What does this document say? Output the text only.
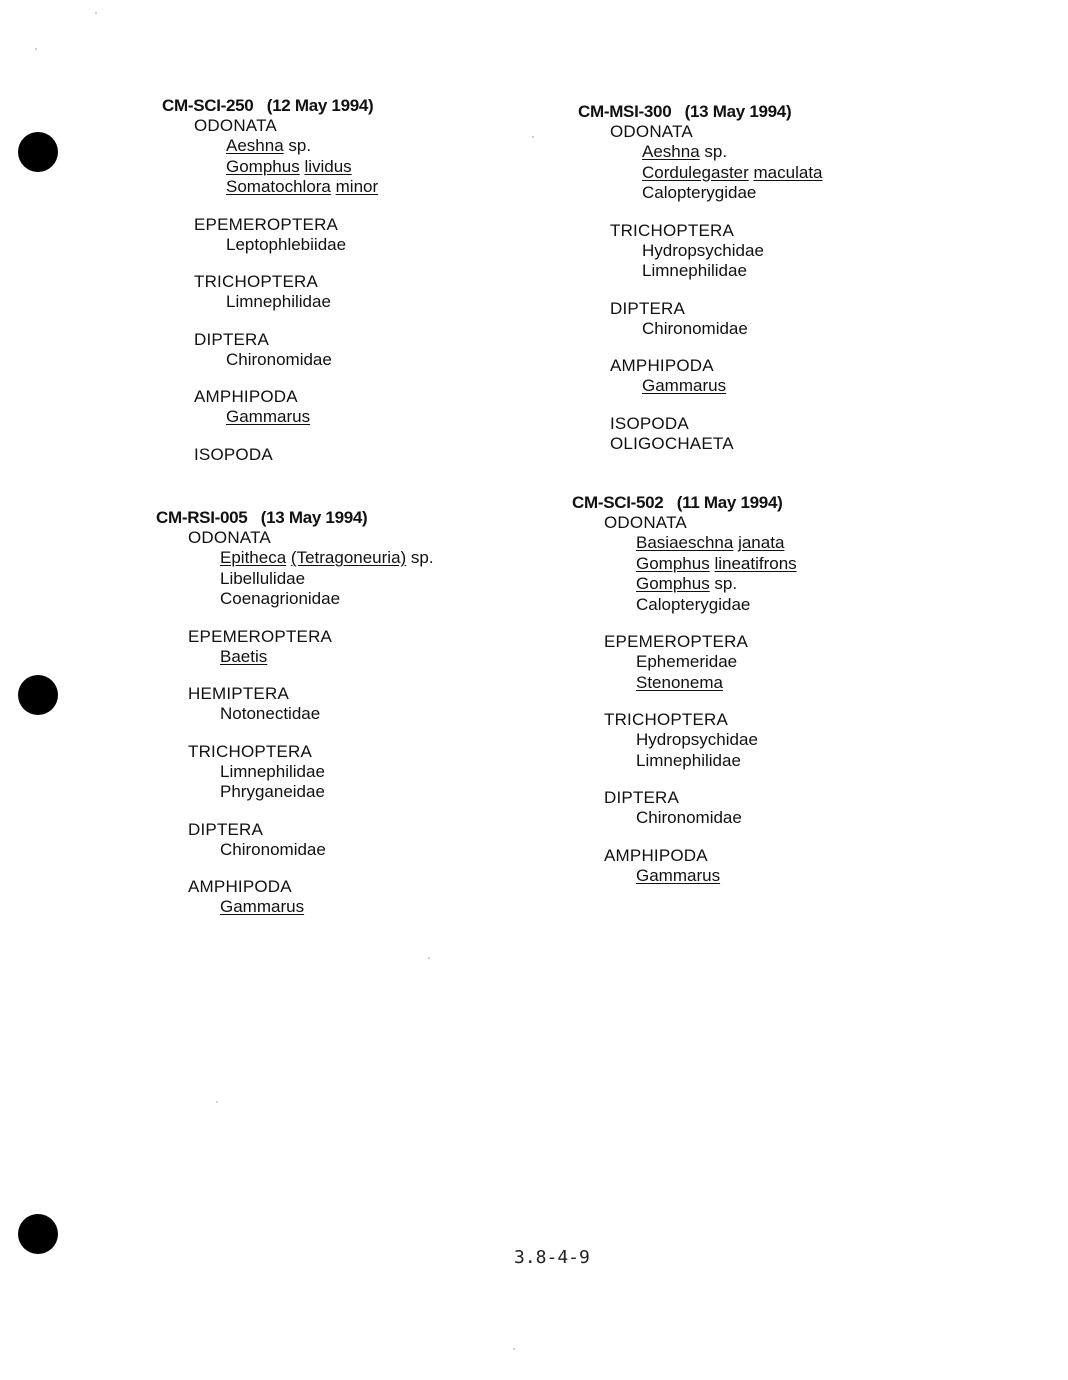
CM-SCI-250 (12 May 1994)
ODONATA
Aeshna sp.
Gomphus lividus
Somatochlora minor
EPEMEROPTERA
Leptophlebiidae
TRICHOPTERA
Limnephilidae
DIPTERA
Chironomidae
AMPHIPODA
Gammarus
ISOPODA
CM-MSI-300 (13 May 1994)
ODONATA
Aeshna sp.
Cordulegaster maculata
Calopterygidae
TRICHOPTERA
Hydropsychidae
Limnephilidae
DIPTERA
Chironomidae
AMPHIPODA
Gammarus
ISOPODA
OLIGOCHAETA
CM-RSI-005 (13 May 1994)
ODONATA
Epitheca (Tetragoneuria) sp.
Libellulidae
Coenagrionidae
EPEMEROPTERA
Baetis
HEMIPTERA
Notonectidae
TRICHOPTERA
Limnephilidae
Phryganeidae
DIPTERA
Chironomidae
AMPHIPODA
Gammarus
CM-SCI-502 (11 May 1994)
ODONATA
Basiaeschna janata
Gomphus lineatifrons
Gomphus sp.
Calopterygidae
EPEMEROPTERA
Ephemeridae
Stenonema
TRICHOPTERA
Hydropsychidae
Limnephilidae
DIPTERA
Chironomidae
AMPHIPODA
Gammarus
3.8-4-9
